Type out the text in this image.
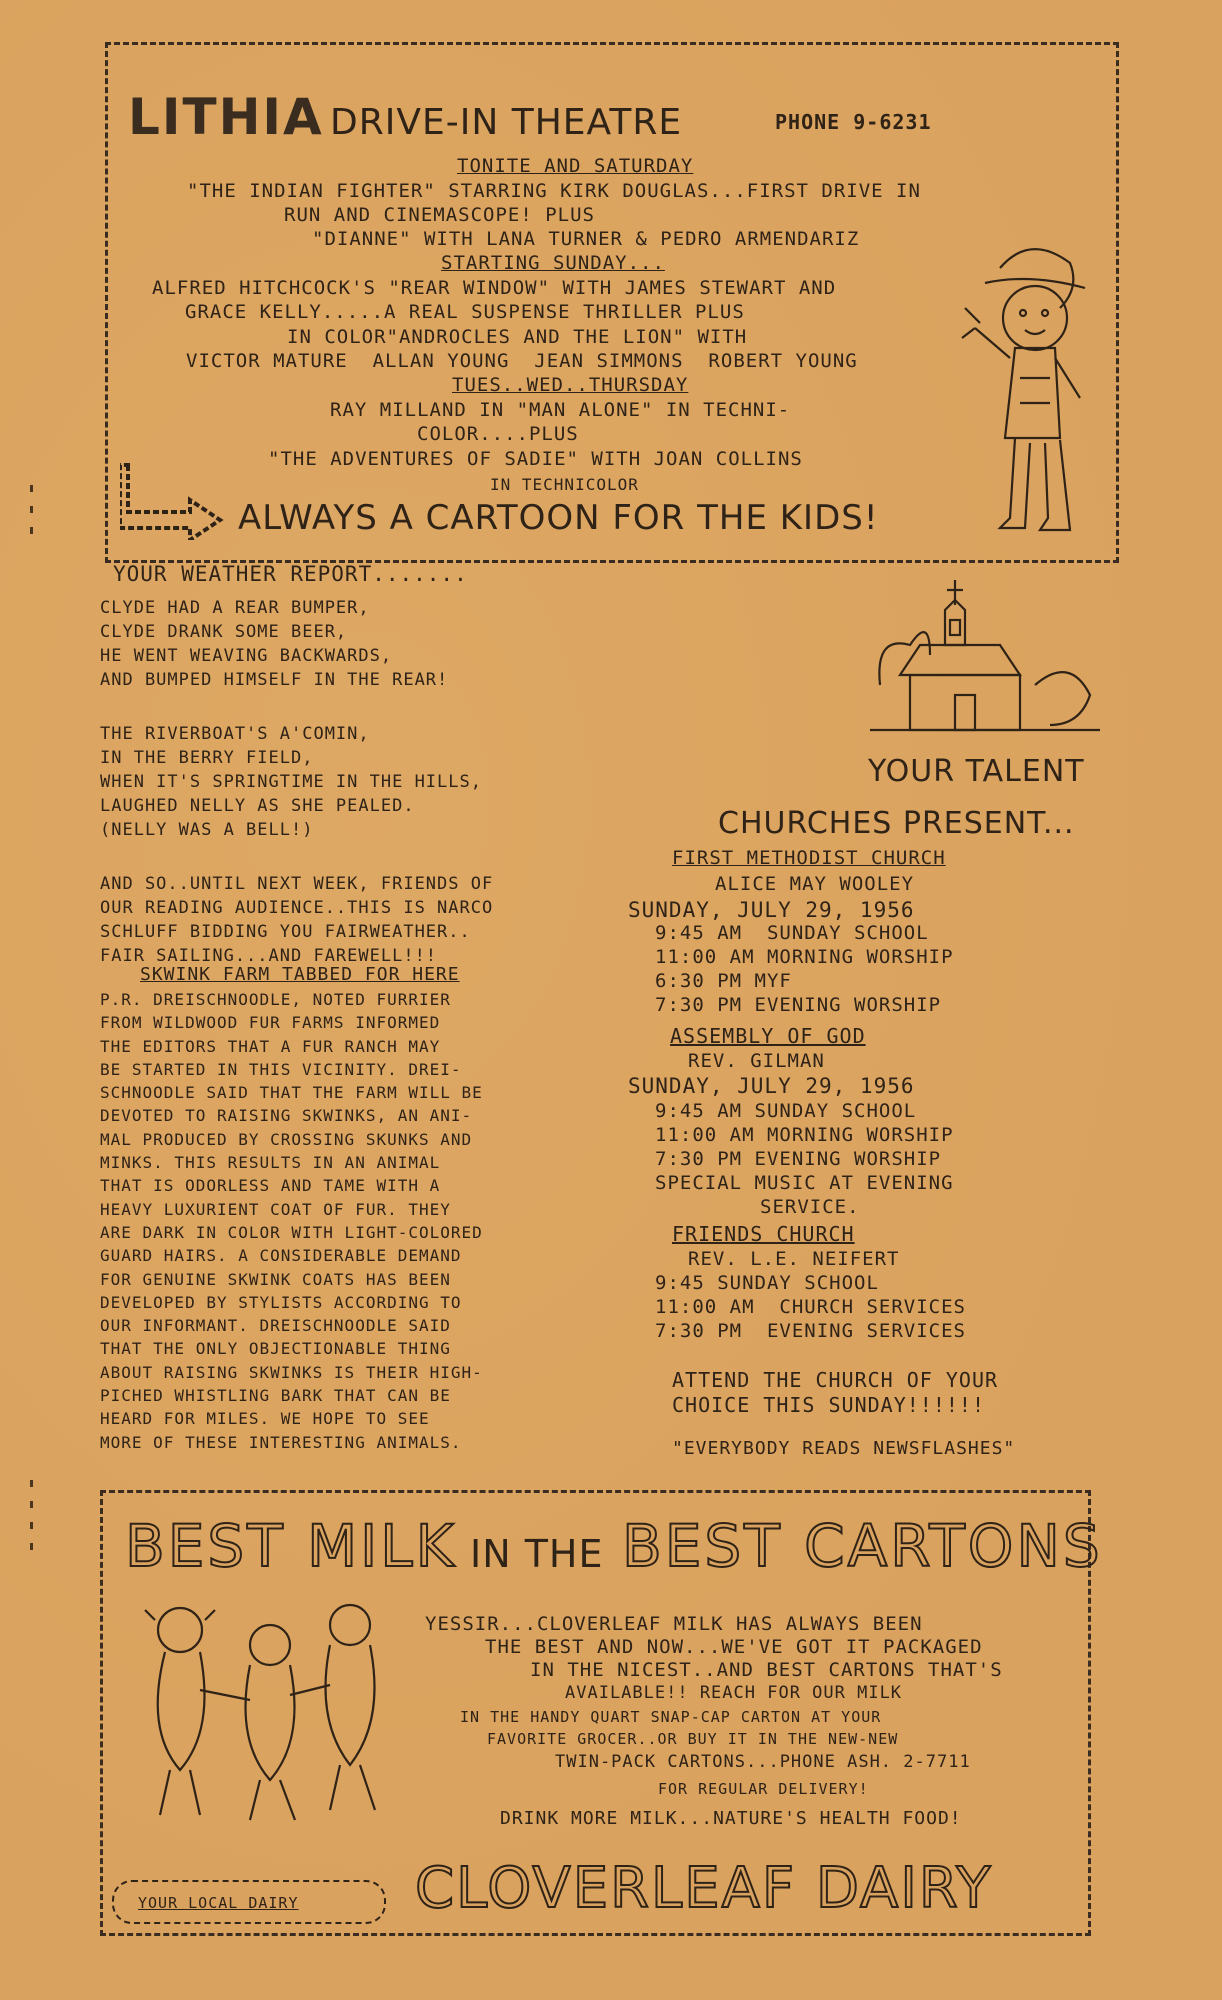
LITHIA DRIVE-IN THEATRE	PHONE 9-6231
TONITE AND SATURDAY
"THE INDIAN FIGHTER" STARRING KIRK DOUGLAS...FIRST DRIVE IN
RUN AND CINEMASCOPE! PLUS
"DIANNE" WITH LANA TURNER & PEDRO ARMENDARIZ
STARTING SUNDAY...
ALFRED HITCHCOCK'S "REAR WINDOW" WITH JAMES STEWART AND
GRACE KELLY.....A REAL SUSPENSE THRILLER PLUS
IN COLOR"ANDROCLES AND THE LION" WITH
VICTOR MATURE  ALLAN YOUNG  JEAN SIMMONS  ROBERT YOUNG
TUES..WED..THURSDAY
RAY MILLAND IN "MAN ALONE" IN TECHNI-
COLOR....PLUS
"THE ADVENTURES OF SADIE" WITH JOAN COLLINS
IN TECHNICOLOR
ALWAYS A CARTOON FOR THE KIDS!
YOUR WEATHER REPORT.......
CLYDE HAD A REAR BUMPER,
CLYDE DRANK SOME BEER,
HE WENT WEAVING BACKWARDS,
AND BUMPED HIMSELF IN THE REAR!
THE RIVERBOAT'S A'COMIN,
IN THE BERRY FIELD,
WHEN IT'S SPRINGTIME IN THE HILLS,
LAUGHED NELLY AS SHE PEALED.
(NELLY WAS A BELL!)
AND SO..UNTIL NEXT WEEK, FRIENDS OF
OUR READING AUDIENCE..THIS IS NARCO
SCHLUFF BIDDING YOU FAIRWEATHER..
FAIR SAILING...AND FAREWELL!!!
SKWINK FARM TABBED FOR HERE
P.R. DREISCHNOODLE, NOTED FURRIER
FROM WILDWOOD FUR FARMS INFORMED
THE EDITORS THAT A FUR RANCH MAY
BE STARTED IN THIS VICINITY. DREI-
SCHNOODLE SAID THAT THE FARM WILL BE
DEVOTED TO RAISING SKWINKS, AN ANI-
MAL PRODUCED BY CROSSING SKUNKS AND
MINKS. THIS RESULTS IN AN ANIMAL
THAT IS ODORLESS AND TAME WITH A
HEAVY LUXURIENT COAT OF FUR. THEY
ARE DARK IN COLOR WITH LIGHT-COLORED
GUARD HAIRS. A CONSIDERABLE DEMAND
FOR GENUINE SKWINK COATS HAS BEEN
DEVELOPED BY STYLISTS ACCORDING TO
OUR INFORMANT. DREISCHNOODLE SAID
THAT THE ONLY OBJECTIONABLE THING
ABOUT RAISING SKWINKS IS THEIR HIGH-
PICHED WHISTLING BARK THAT CAN BE
HEARD FOR MILES. WE HOPE TO SEE
MORE OF THESE INTERESTING ANIMALS.
YOUR TALENT
CHURCHES PRESENT...
FIRST METHODIST CHURCH
ALICE MAY WOOLEY
SUNDAY, JULY 29, 1956
9:45 AM  SUNDAY SCHOOL
11:00 AM MORNING WORSHIP
6:30 PM MYF
7:30 PM EVENING WORSHIP
ASSEMBLY OF GOD
REV. GILMAN
SUNDAY, JULY 29, 1956
9:45 AM SUNDAY SCHOOL
11:00 AM MORNING WORSHIP
7:30 PM EVENING WORSHIP
SPECIAL MUSIC AT EVENING
SERVICE.
FRIENDS CHURCH
REV. L.E. NEIFERT
9:45 SUNDAY SCHOOL
11:00 AM  CHURCH SERVICES
7:30 PM  EVENING SERVICES
ATTEND THE CHURCH OF YOUR
CHOICE THIS SUNDAY!!!!!!
"EVERYBODY READS NEWSFLASHES"
BEST MILK IN THE BEST CARTONS
YESSIR...CLOVERLEAF MILK HAS ALWAYS BEEN
THE BEST AND NOW...WE'VE GOT IT PACKAGED
IN THE NICEST..AND BEST CARTONS THAT'S
AVAILABLE!! REACH FOR OUR MILK
IN THE HANDY QUART SNAP-CAP CARTON AT YOUR
FAVORITE GROCER..OR BUY IT IN THE NEW-NEW
TWIN-PACK CARTONS...PHONE ASH. 2-7711
FOR REGULAR DELIVERY!
DRINK MORE MILK...NATURE'S HEALTH FOOD!
YOUR LOCAL DAIRY CLOVERLEAF DAIRY
